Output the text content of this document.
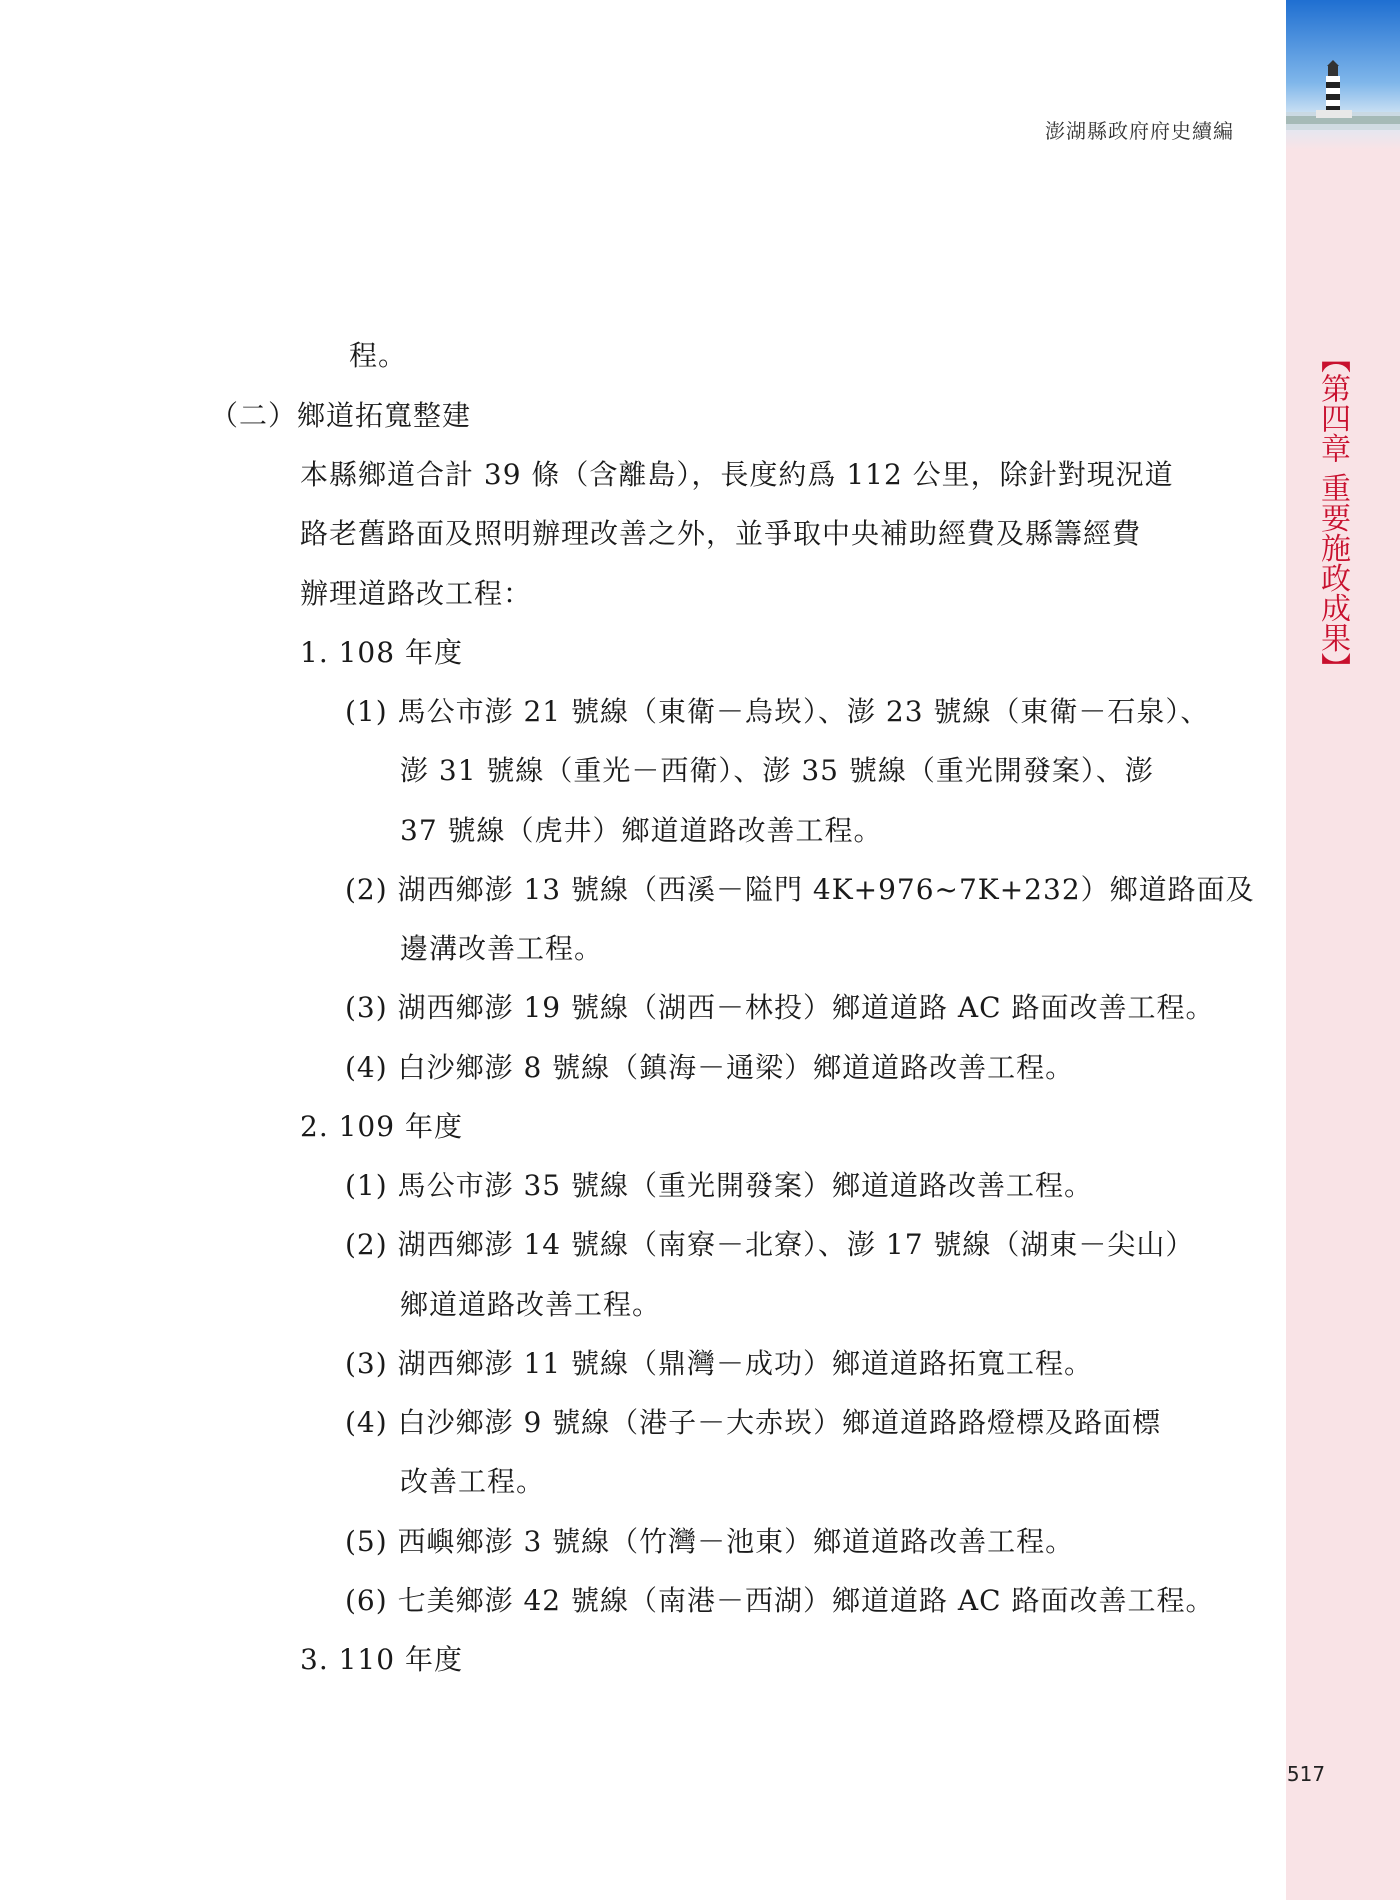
【第四章 重要施政成果】
澎湖縣政府府史續編
程。
（二）鄉道拓寬整建
本縣鄉道合計 39 條（含離島），長度約爲 112 公里，除針對現況道
路老舊路面及照明辦理改善之外，並爭取中央補助經費及縣籌經費
辦理道路改工程：
1. 108 年度
(1) 馬公市澎 21 號線（東衛－烏崁）、澎 23 號線（東衛－石泉）、
澎 31 號線（重光－西衛）、澎 35 號線（重光開發案）、澎
37 號線（虎井）鄉道道路改善工程。
(2) 湖西鄉澎 13 號線（西溪－隘門 4K+976~7K+232）鄉道路面及
邊溝改善工程。
(3) 湖西鄉澎 19 號線（湖西－林投）鄉道道路 AC 路面改善工程。
(4) 白沙鄉澎 8 號線（鎮海－通梁）鄉道道路改善工程。
2. 109 年度
(1) 馬公市澎 35 號線（重光開發案）鄉道道路改善工程。
(2) 湖西鄉澎 14 號線（南寮－北寮）、澎 17 號線（湖東－尖山）
鄉道道路改善工程。
(3) 湖西鄉澎 11 號線（鼎灣－成功）鄉道道路拓寬工程。
(4) 白沙鄉澎 9 號線（港子－大赤崁）鄉道道路路燈標及路面標
改善工程。
(5) 西嶼鄉澎 3 號線（竹灣－池東）鄉道道路改善工程。
(6) 七美鄉澎 42 號線（南港－西湖）鄉道道路 AC 路面改善工程。
3. 110 年度
517
